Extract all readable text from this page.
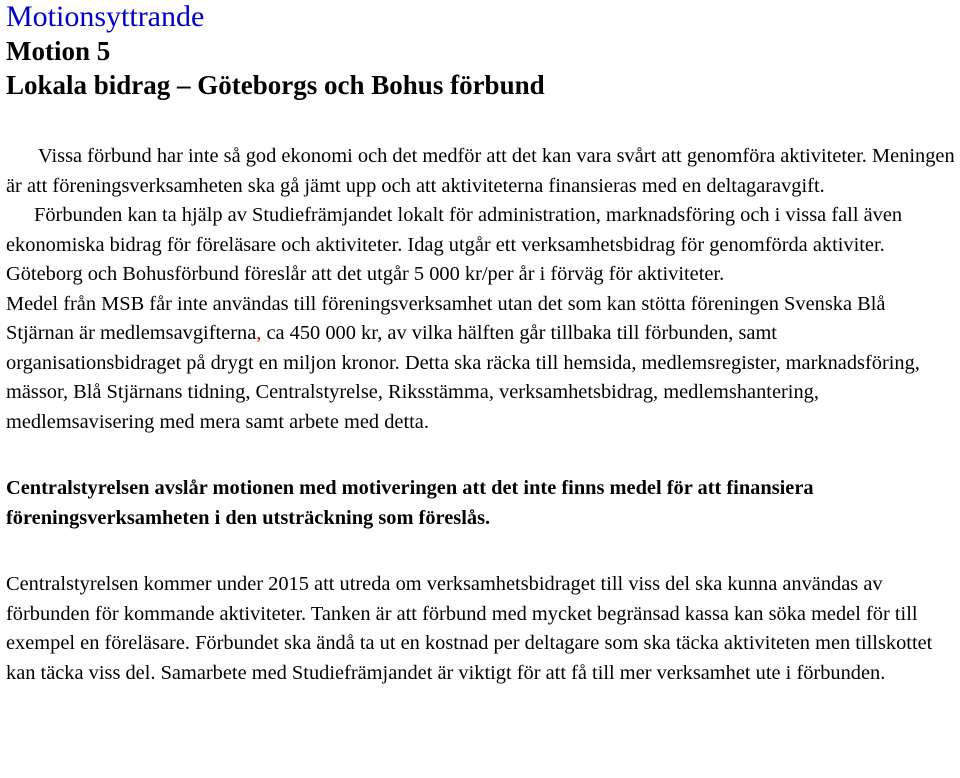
Motionsyttrande
Motion 5
Lokala bidrag – Göteborgs och Bohus förbund

Vissa förbund har inte så god ekonomi och det medför att det kan vara svårt att genomföra aktiviteter. Meningen är att föreningsverksamheten ska gå jämt upp och att aktiviteterna finansieras med en deltagaravgift.

Förbunden kan ta hjälp av Studiefrämjandet lokalt för administration, marknadsföring och i vissa fall även ekonomiska bidrag för föreläsare och aktiviteter. Idag utgår ett verksamhetsbidrag för genomförda aktiviter. Göteborg och Bohusförbund föreslår att det utgår 5 000 kr/per år i förväg för aktiviteter.

Medel från MSB får inte användas till föreningsverksamhet utan det som kan stötta föreningen Svenska Blå Stjärnan är medlemsavgifterna, ca 450 000 kr, av vilka hälften går tillbaka till förbunden, samt organisationsbidraget på drygt en miljon kronor. Detta ska räcka till hemsida, medlemsregister, marknadsföring, mässor, Blå Stjärnans tidning, Centralstyrelse, Riksstämma, verksamhetsbidrag, medlemshantering, medlemsavisering med mera samt arbete med detta.

Centralstyrelsen avslår motionen med motiveringen att det inte finns medel för att finansiera föreningsverksamheten i den utsträckning som föreslås.

Centralstyrelsen kommer under 2015 att utreda om verksamhetsbidraget till viss del ska kunna användas av förbunden för kommande aktiviteter. Tanken är att förbund med mycket begränsad kassa kan söka medel för till exempel en föreläsare. Förbundet ska ändå ta ut en kostnad per deltagare som ska täcka aktiviteten men tillskottet kan täcka viss del. Samarbete med Studiefrämjandet är viktigt för att få till mer verksamhet ute i förbunden.
